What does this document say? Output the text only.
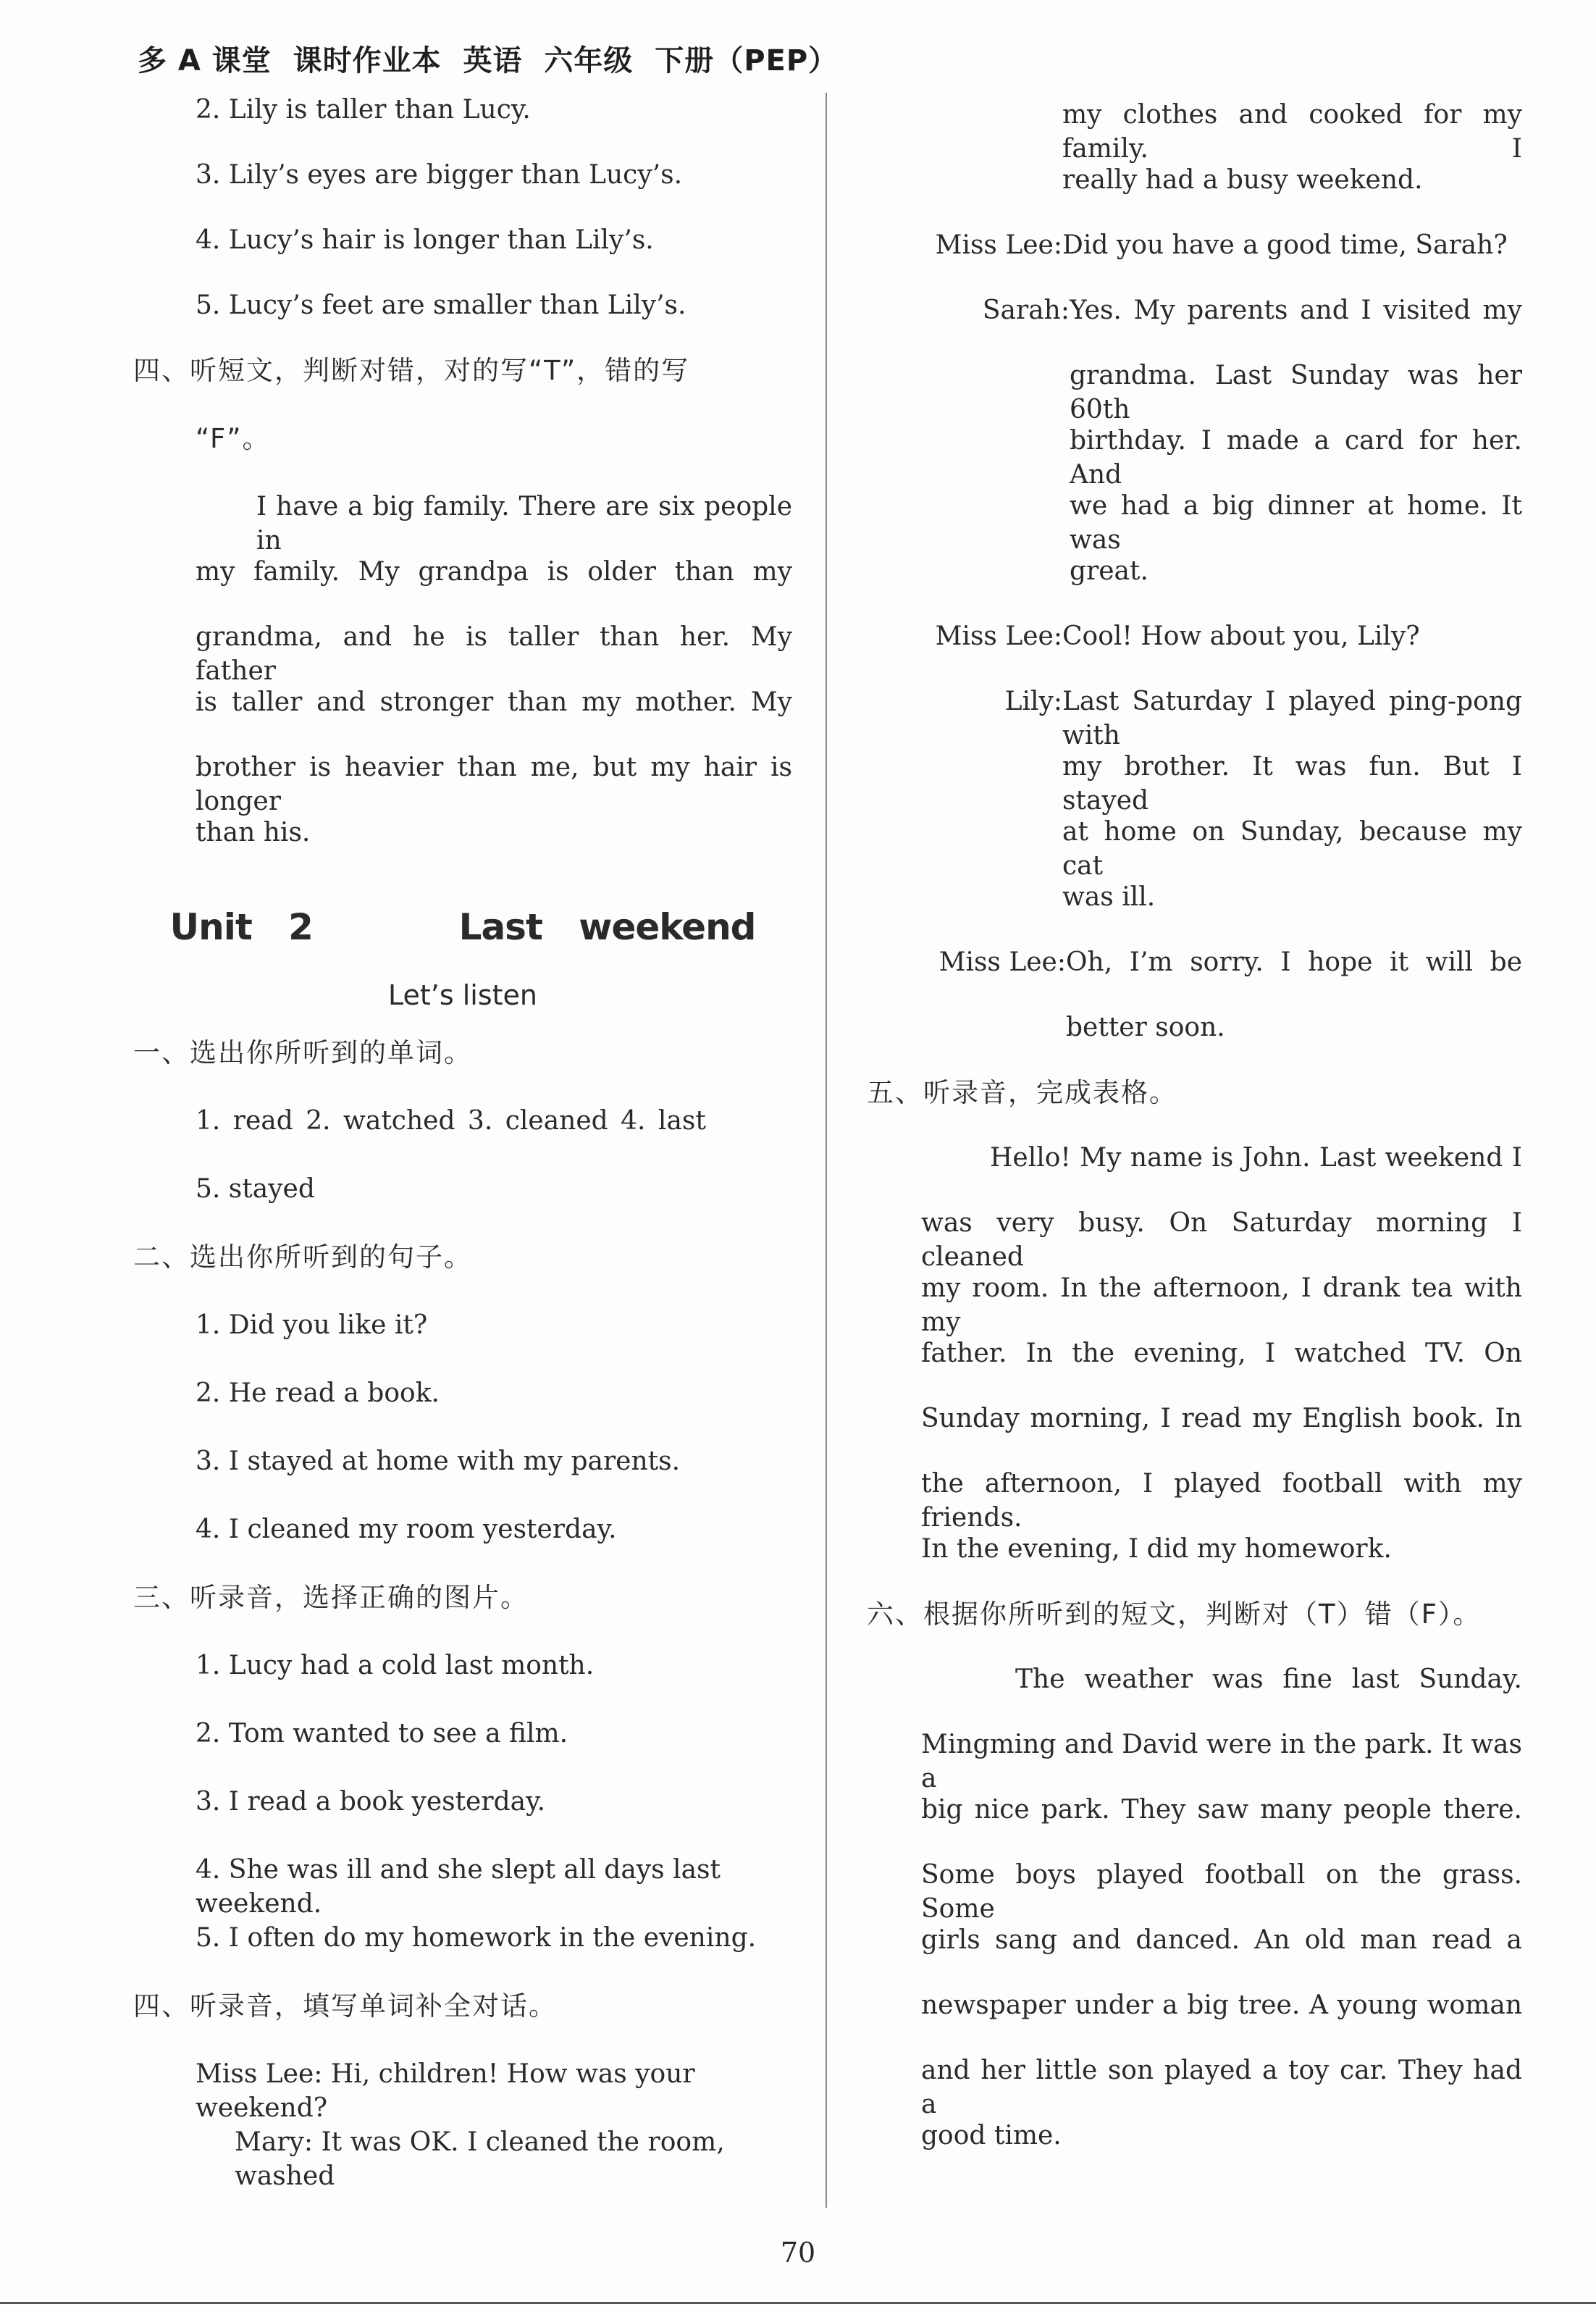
多 A 课堂  课时作业本  英语  六年级  下册（PEP）
2. Lily is taller than Lucy.
3. Lily’s eyes are bigger than Lucy’s.
4. Lucy’s hair is longer than Lily’s.
5. Lucy’s feet are smaller than Lily’s.
四、听短文，判断对错，对的写“T”，错的写
“F”。
I have a big family. There are six people in
my family. My grandpa is older than my
grandma, and he is taller than her. My father
is taller and stronger than my mother. My
brother is heavier than me, but my hair is longer
than his.
Unit 2    Last weekend
Let’s listen
一、选出你所听到的单词。
1. read 2. watched 3. cleaned 4. last
5. stayed
二、选出你所听到的句子。
1. Did you like it?
2. He read a book.
3. I stayed at home with my parents.
4. I cleaned my room yesterday.
三、听录音，选择正确的图片。
1. Lucy had a cold last month.
2. Tom wanted to see a film.
3. I read a book yesterday.
4. She was ill and she slept all days last weekend.
5. I often do my homework in the evening.
四、听录音，填写单词补全对话。
Miss Lee: Hi, children! How was your weekend?
Mary: It was OK. I cleaned the room, washed
my clothes and cooked for my family. I
really had a busy weekend.
Miss Lee: Did you have a good time, Sarah?
Sarah: Yes. My parents and I visited my
grandma. Last Sunday was her 60th
birthday. I made a card for her. And
we had a big dinner at home. It was
great.
Miss Lee: Cool! How about you, Lily?
Lily: Last Saturday I played ping-pong with
my brother. It was fun. But I stayed
at home on Sunday, because my cat
was ill.
Miss Lee: Oh, I’m sorry. I hope it will be
better soon.
五、听录音，完成表格。
Hello! My name is John. Last weekend I
was very busy. On Saturday morning I cleaned
my room. In the afternoon, I drank tea with my
father. In the evening, I watched TV. On
Sunday morning, I read my English book. In
the afternoon, I played football with my friends.
In the evening, I did my homework.
六、根据你所听到的短文，判断对（T）错（F）。
The weather was fine last Sunday.
Mingming and David were in the park. It was a
big nice park. They saw many people there.
Some boys played football on the grass. Some
girls sang and danced. An old man read a
newspaper under a big tree. A young woman
and her little son played a toy car. They had a
good time.
70
